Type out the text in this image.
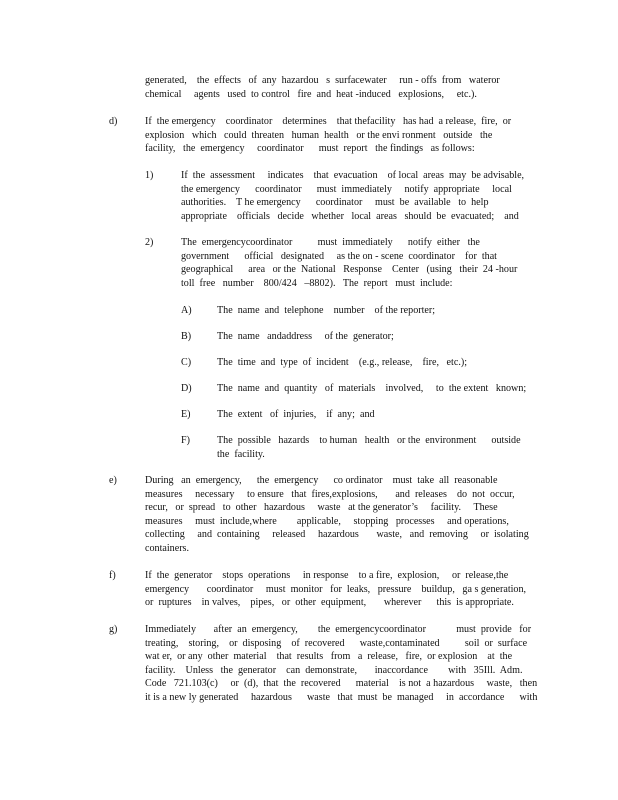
generated,    the  effects   of  any  hazardou   s  surfacewater     run - offs  from   wateror
chemical     agents   used  to control   fire  and  heat -induced   explosions,     etc.).
d)	If  the emergency    coordinator    determines    that thefacility   has had  a release,  fire,  or
explosion   which   could  threaten   human  health   or the envi ronment   outside   the
facility,   the  emergency     coordinator      must  report   the findings   as follows:
1)	If  the  assessment     indicates    that  evacuation    of local  areas  may  be advisable,
the emergency      coordinator      must  immediately     notify  appropriate     local
authorities.    T he emergency      coordinator     must  be  available   to  help
appropriate    officials   decide   whether   local  areas   should  be  evacuated;    and
2)	The  emergencycoordinator          must  immediately      notify  either   the
government      official   designated     as the on - scene  coordinator    for  that
geographical      area   or the  National   Response    Center   (using   their  24 -hour
toll  free   number    800/424   –8802).   The  report   must  include:
A)	The  name  and  telephone    number    of the reporter;
B)	The  name   andaddress     of the  generator;
C)	The  time  and  type  of  incident    (e.g., release,    fire,   etc.);
D)	The  name  and  quantity   of  materials    involved,     to  the extent   known;
E)	The  extent   of  injuries,    if  any;  and
F)	The  possible   hazards    to human   health   or the  environment      outside
the  facility.
e)	During   an  emergency,      the  emergency      co ordinator    must  take  all  reasonable
measures     necessary     to ensure   that  fires,explosions,       and  releases    do  not  occur,
recur,   or  spread   to  other   hazardous     waste   at the generator’s     facility.     These
measures     must  include,where        applicable,     stopping   processes     and operations,
collecting     and  containing     released     hazardous       waste,   and  removing     or  isolating
containers.
f)	If  the  generator    stops  operations     in response    to a fire,  explosion,     or  release,the
emergency       coordinator     must  monitor   for  leaks,   pressure    buildup,   ga s generation,
or  ruptures    in valves,    pipes,   or  other  equipment,       wherever      this  is appropriate.
g)	Immediately       after  an  emergency,        the  emergencycoordinator            must  provide   for
treating,    storing,    or  disposing    of  recovered      waste,contaminated          soil  or  surface
wat er,  or any  other  material    that  results   from   a  release,   fire,  or explosion    at  the
facility.    Unless   the  generator    can  demonstrate,       inaccordance        with   35Ill.  Adm.
Code   721.103(c)     or  (d),  that  the  recovered      material    is not  a hazardous     waste,   then
it is a new ly generated     hazardous      waste   that  must  be  managed     in  accordance      with
